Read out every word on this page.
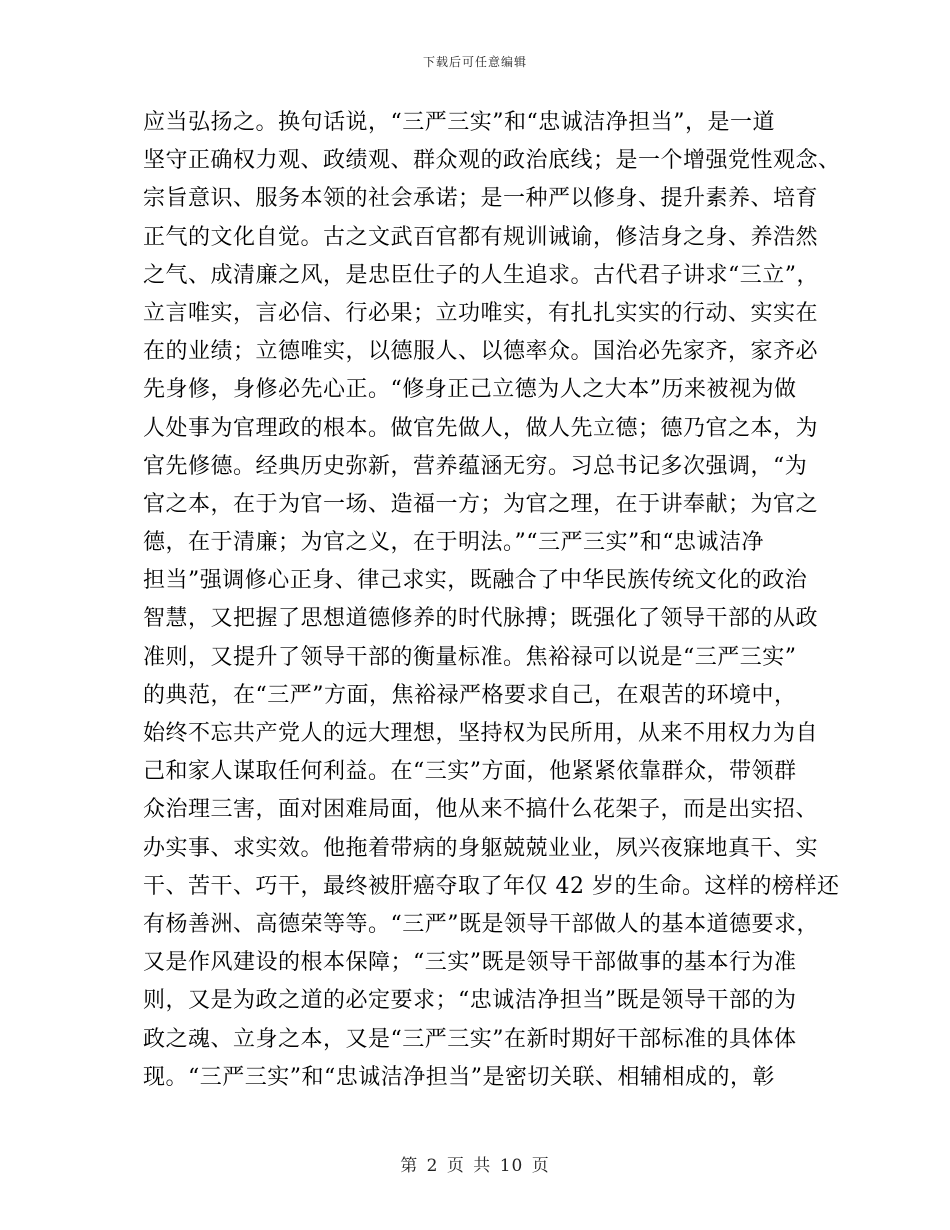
下载后可任意编辑
应当弘扬之。换句话说，“三严三实”和“忠诚洁净担当”，是一道
坚守正确权力观、政绩观、群众观的政治底线；是一个增强党性观念、
宗旨意识、服务本领的社会承诺；是一种严以修身、提升素养、培育
正气的文化自觉。古之文武百官都有规训诫谕，修洁身之身、养浩然
之气、成清廉之风，是忠臣仕子的人生追求。古代君子讲求“三立”，
立言唯实，言必信、行必果；立功唯实，有扎扎实实的行动、实实在
在的业绩；立德唯实，以德服人、以德率众。国治必先家齐，家齐必
先身修，身修必先心正。“修身正己立德为人之大本”历来被视为做
人处事为官理政的根本。做官先做人，做人先立德；德乃官之本，为
官先修德。经典历史弥新，营养蕴涵无穷。习总书记多次强调，“为
官之本，在于为官一场、造福一方；为官之理，在于讲奉献；为官之
德，在于清廉；为官之义，在于明法。”“三严三实”和“忠诚洁净
担当”强调修心正身、律己求实，既融合了中华民族传统文化的政治
智慧，又把握了思想道德修养的时代脉搏；既强化了领导干部的从政
准则，又提升了领导干部的衡量标准。焦裕禄可以说是“三严三实”
的典范，在“三严”方面，焦裕禄严格要求自己，在艰苦的环境中，
始终不忘共产党人的远大理想，坚持权为民所用，从来不用权力为自
己和家人谋取任何利益。在“三实”方面，他紧紧依靠群众，带领群
众治理三害，面对困难局面，他从来不搞什么花架子，而是出实招、
办实事、求实效。他拖着带病的身躯兢兢业业，夙兴夜寐地真干、实
干、苦干、巧干，最终被肝癌夺取了年仅 42 岁的生命。这样的榜样还
有杨善洲、高德荣等等。“三严”既是领导干部做人的基本道德要求，
又是作风建设的根本保障；“三实”既是领导干部做事的基本行为准
则，又是为政之道的必定要求；“忠诚洁净担当”既是领导干部的为
政之魂、立身之本，又是“三严三实”在新时期好干部标准的具体体
现。“三严三实”和“忠诚洁净担当”是密切关联、相辅相成的，彰
第 2 页 共 10 页
